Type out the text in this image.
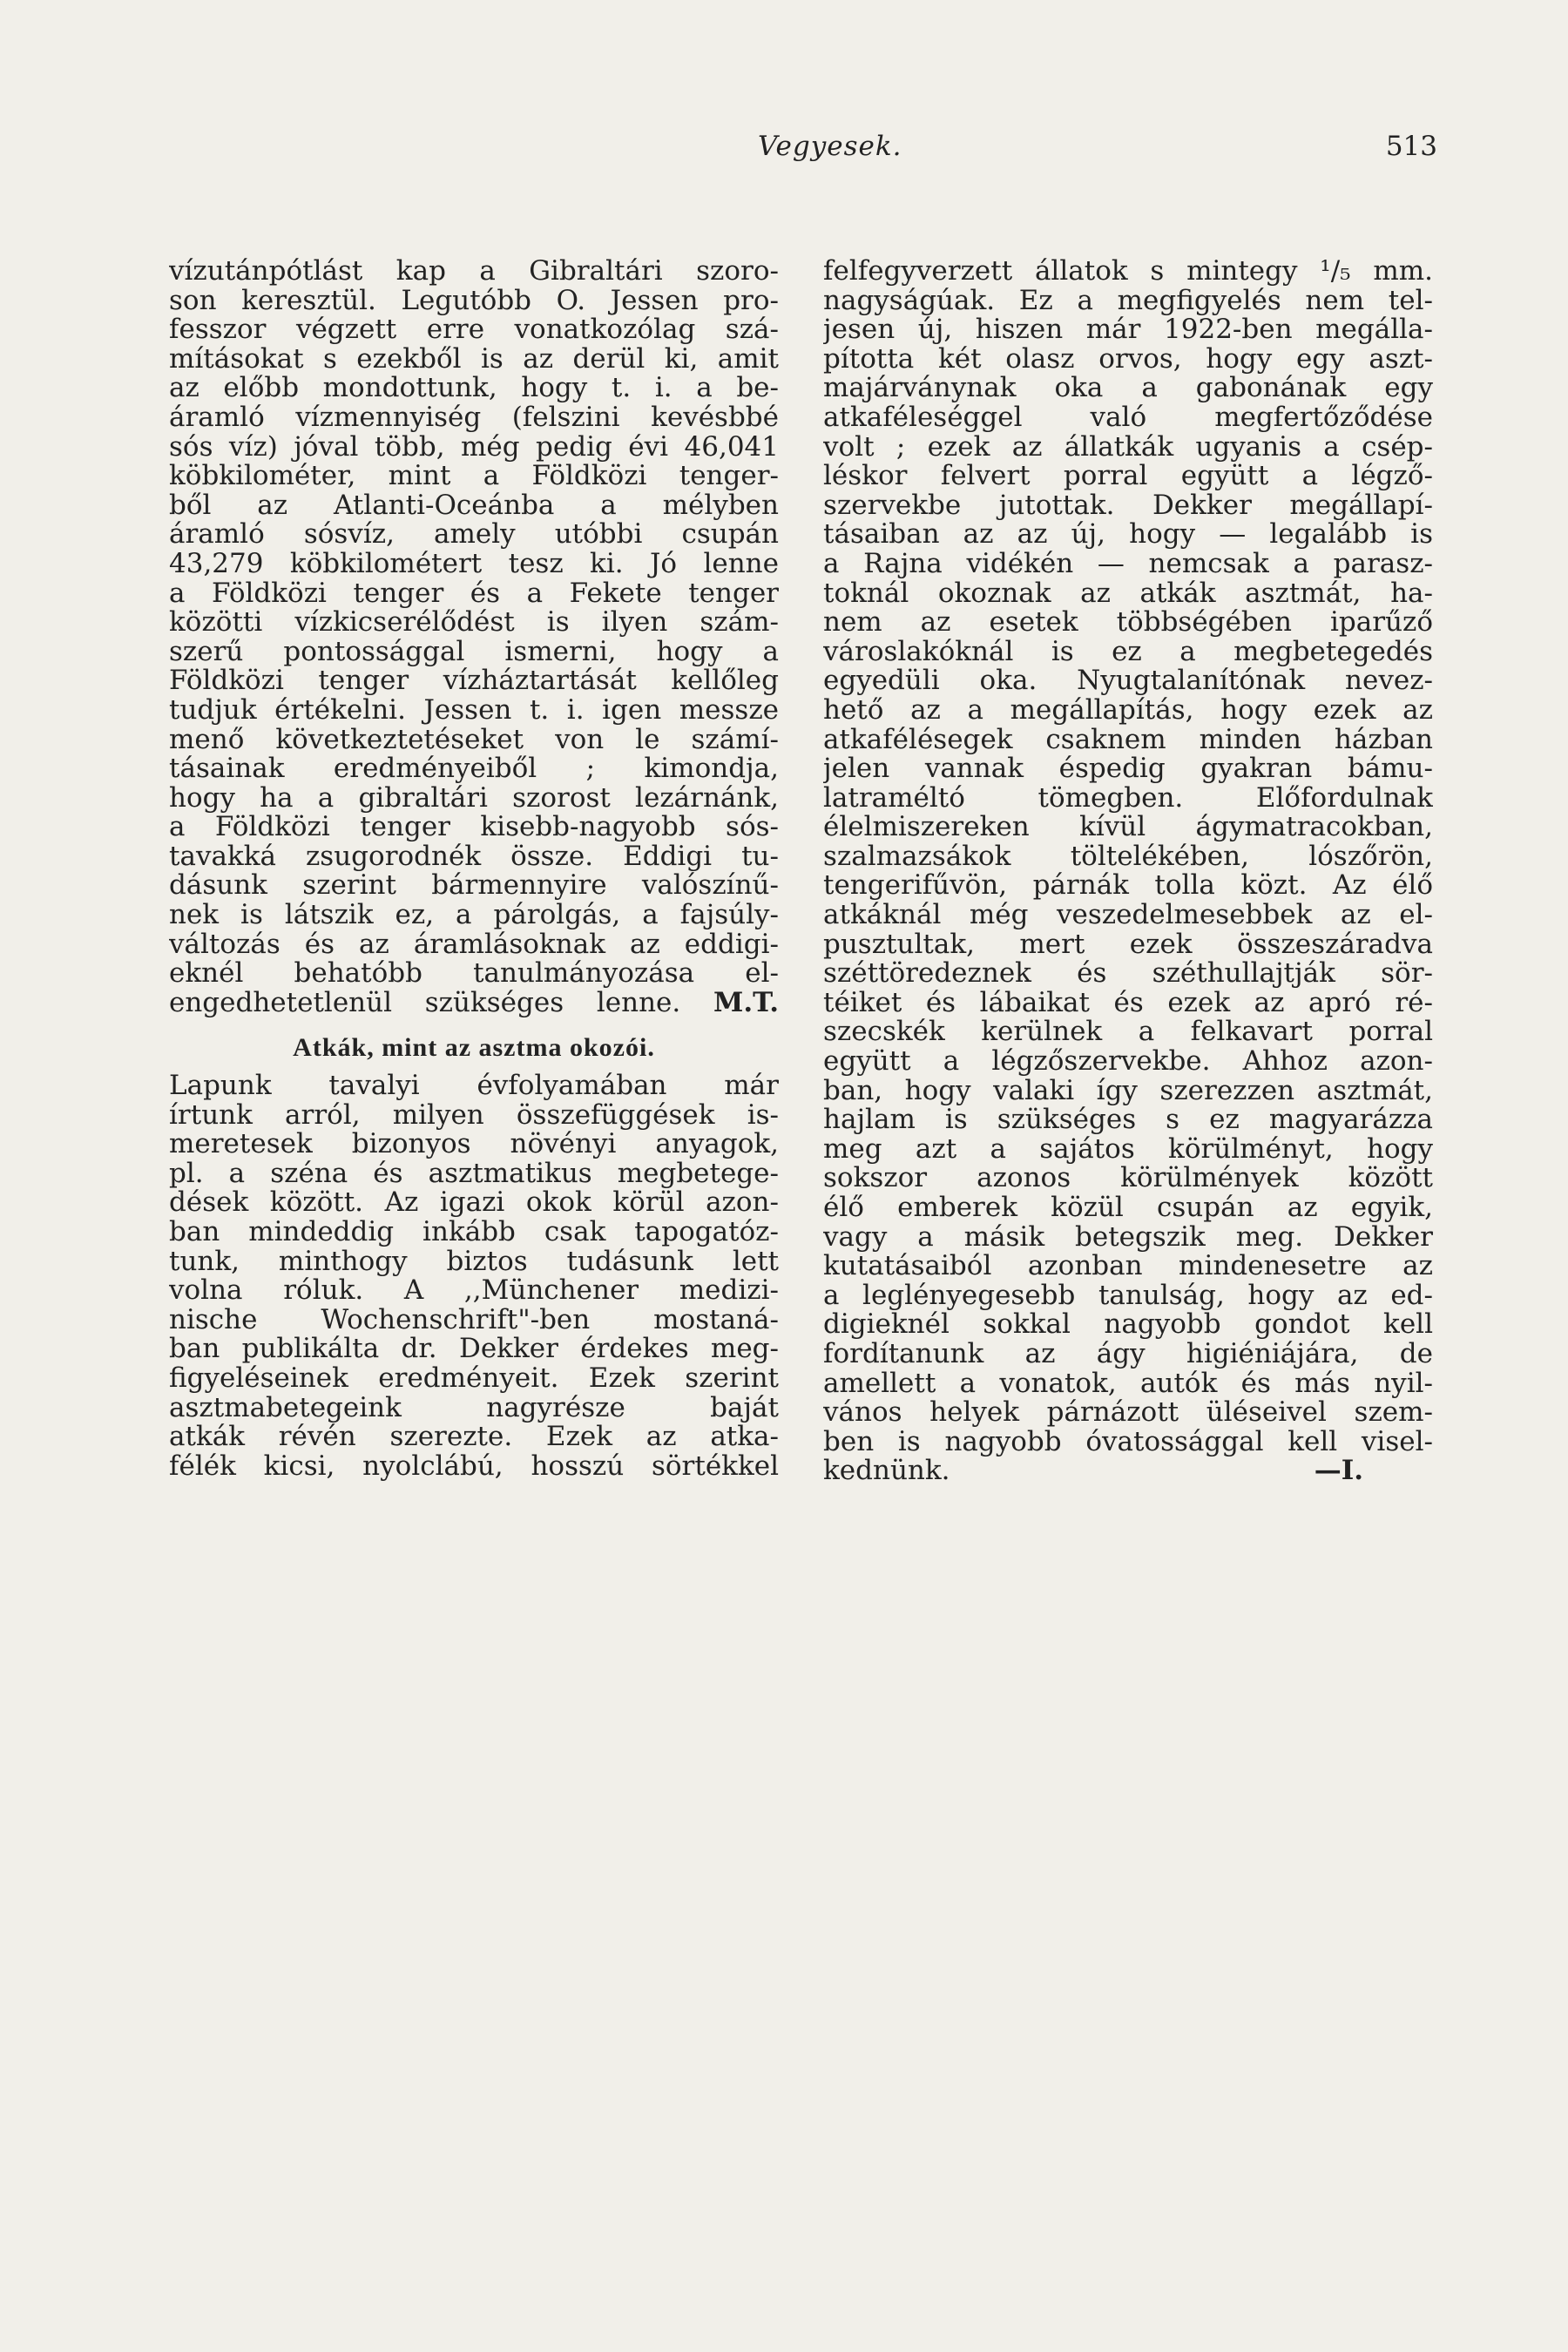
Vegyesek.	513
vízutánpótlást kap a Gibraltári szoro-
son keresztül. Legutóbb O. Jessen pro-
fesszor végzett erre vonatkozólag szá-
mításokat s ezekből is az derül ki, amit
az előbb mondottunk, hogy t. i. a be-
áramló vízmennyiség (felszini kevésbbé
sós víz) jóval több, még pedig évi 46,041
köbkilométer, mint a Földközi tenger-
ből az Atlanti-Oceánba a mélyben
áramló sósvíz, amely utóbbi csupán
43,279 köbkilométert tesz ki. Jó lenne
a Földközi tenger és a Fekete tenger
közötti vízkicserélődést is ilyen szám-
szerű pontossággal ismerni, hogy a
Földközi tenger vízháztartását kellőleg
tudjuk értékelni. Jessen t. i. igen messze
menő következtetéseket von le számí-
tásainak eredményeiből ; kimondja,
hogy ha a gibraltári szorost lezárnánk,
a Földközi tenger kisebb-nagyobb sós-
tavakká zsugorodnék össze. Eddigi tu-
dásunk szerint bármennyire valószínű-
nek is látszik ez, a párolgás, a fajsúly-
változás és az áramlásoknak az eddigi-
eknél behatóbb tanulmányozása el-
engedhetetlenül szükséges lenne. M.T.
Atkák, mint az asztma okozói.
Lapunk tavalyi évfolyamában már
írtunk arról, milyen összefüggések is-
meretesek bizonyos növényi anyagok,
pl. a széna és asztmatikus megbetege-
dések között. Az igazi okok körül azon-
ban mindeddig inkább csak tapogatóz-
tunk, minthogy biztos tudásunk lett
volna róluk. A ,,Münchener medizi-
nische Wochenschrift"-ben mostaná-
ban publikálta dr. Dekker érdekes meg-
figyeléseinek eredményeit. Ezek szerint
asztmabetegeink nagyrésze baját
atkák révén szerezte. Ezek az atka-
félék kicsi, nyolclábú, hosszú sörtékkel
felfegyverzett állatok s mintegy ¹/₅ mm.
nagyságúak. Ez a megfigyelés nem tel-
jesen új, hiszen már 1922-ben megálla-
pította két olasz orvos, hogy egy aszt-
majárványnak oka a gabonának egy
atkaféleséggel való megfertőződése
volt ; ezek az állatkák ugyanis a csép-
léskor felvert porral együtt a légző-
szervekbe jutottak. Dekker megállapí-
tásaiban az az új, hogy — legalább is
a Rajna vidékén — nemcsak a parasz-
toknál okoznak az atkák asztmát, ha-
nem az esetek többségében iparűző
városlakóknál is ez a megbetegedés
egyedüli oka. Nyugtalanítónak nevez-
hető az a megállapítás, hogy ezek az
atkafélésegek csaknem minden házban
jelen vannak éspedig gyakran bámu-
latraméltó tömegben. Előfordulnak
élelmiszereken kívül ágymatracokban,
szalmazsákok töltelékében, lószőrön,
tengerifűvön, párnák tolla közt. Az élő
atkáknál még veszedelmesebbek az el-
pusztultak, mert ezek összeszáradva
széttöredeznek és széthullajtják sör-
téiket és lábaikat és ezek az apró ré-
szecskék kerülnek a felkavart porral
együtt a légzőszervekbe. Ahhoz azon-
ban, hogy valaki így szerezzen asztmát,
hajlam is szükséges s ez magyarázza
meg azt a sajátos körülményt, hogy
sokszor azonos körülmények között
élő emberek közül csupán az egyik,
vagy a másik betegszik meg. Dekker
kutatásaiból azonban mindenesetre az
a leglényegesebb tanulság, hogy az ed-
digieknél sokkal nagyobb gondot kell
fordítanunk az ágy higiéniájára, de
amellett a vonatok, autók és más nyil-
vános helyek párnázott üléseivel szem-
ben is nagyobb óvatossággal kell visel-
kednünk.	—I.
